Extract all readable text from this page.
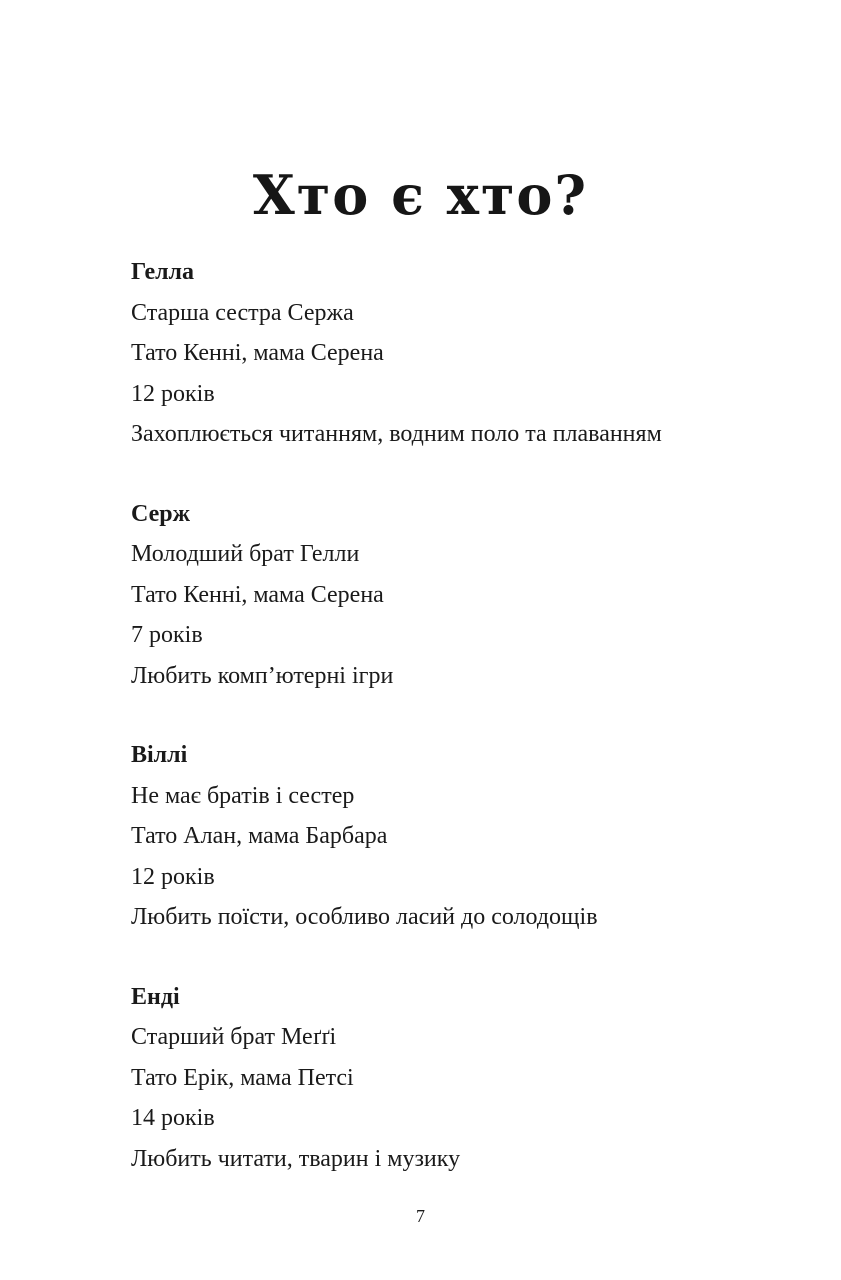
Хто є хто?

Гелла

Старша сестра Сержа

Тато Кенні, мама Серена

12 років

Захоплюється читанням, водним поло та плаванням

Серж

Молодший брат Гелли

Тато Кенні, мама Серена

7 років

Любить комп’ютерні ігри

Віллі

Не має братів і сестер

Тато Алан, мама Барбара

12 років

Любить поїсти, особливо ласий до солодощів

Енді

Старший брат Меґґі

Тато Ерік, мама Петсі

14 років

Любить читати, тварин і музику

7
